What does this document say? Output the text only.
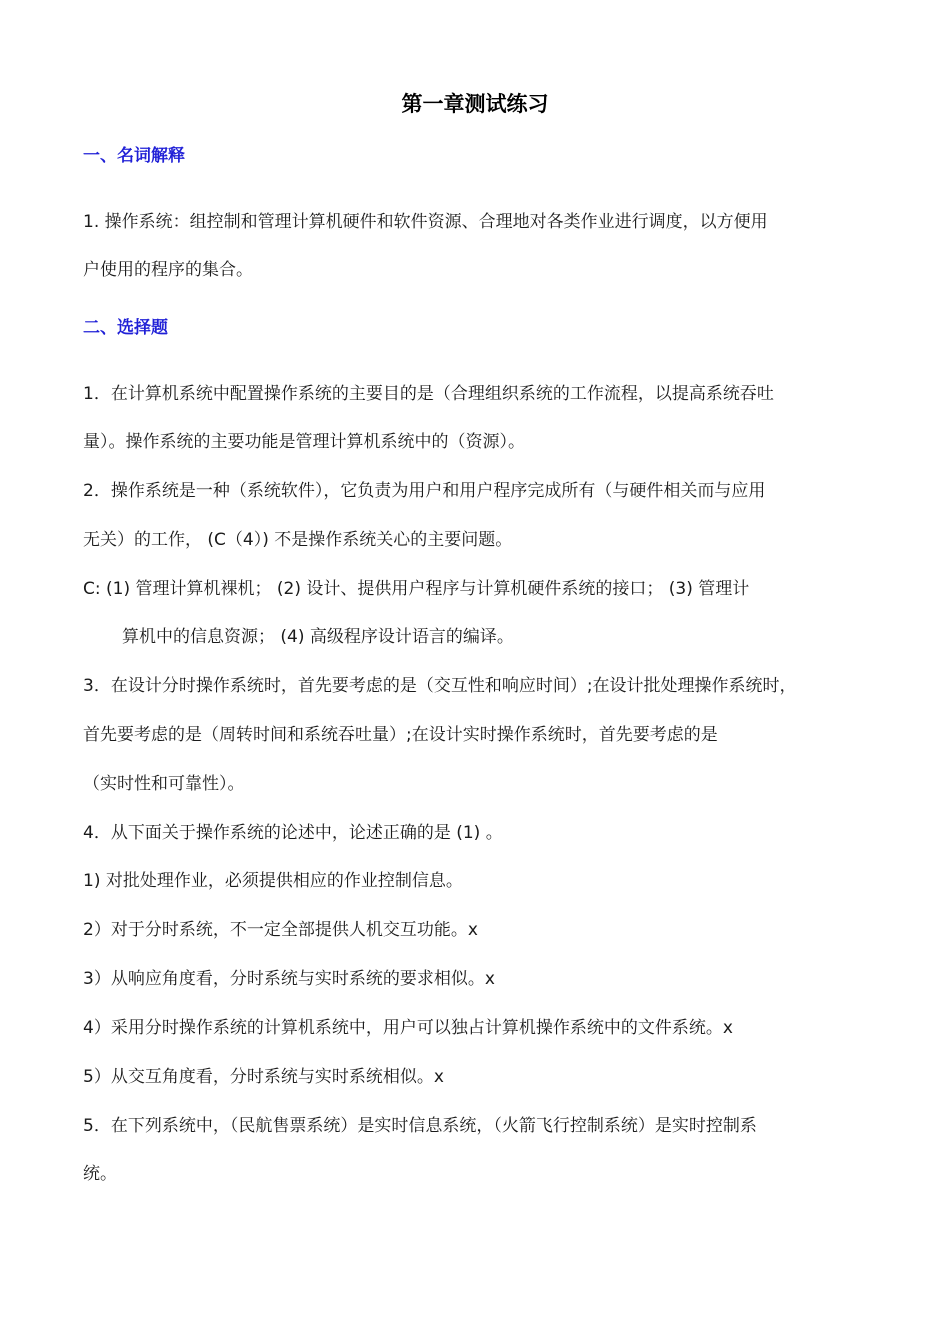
第一章测试练习
一、名词解释
1. 操作系统：组控制和管理计算机硬件和软件资源、合理地对各类作业进行调度，以方便用
户使用的程序的集合。
二、选择题
1．在计算机系统中配置操作系统的主要目的是（合理组织系统的工作流程，以提高系统吞吐
量）。操作系统的主要功能是管理计算机系统中的（资源）。
2．操作系统是一种（系统软件），它负责为用户和用户程序完成所有（与硬件相关而与应用
无关）的工作， (C（4）) 不是操作系统关心的主要问题。
C: (1) 管理计算机裸机； (2) 设计、提供用户程序与计算机硬件系统的接口； (3) 管理计
算机中的信息资源； (4) 高级程序设计语言的编译。
3．在设计分时操作系统时，首先要考虑的是（交互性和响应时间）;在设计批处理操作系统时，
首先要考虑的是（周转时间和系统吞吐量）;在设计实时操作系统时，首先要考虑的是
（实时性和可靠性）。
4．从下面关于操作系统的论述中，论述正确的是 (1) 。
1) 对批处理作业，必须提供相应的作业控制信息。
2）对于分时系统，不一定全部提供人机交互功能。x
3）从响应角度看，分时系统与实时系统的要求相似。x
4）采用分时操作系统的计算机系统中，用户可以独占计算机操作系统中的文件系统。x
5）从交互角度看，分时系统与实时系统相似。x
5．在下列系统中，（民航售票系统）是实时信息系统，（火箭飞行控制系统）是实时控制系
统。
